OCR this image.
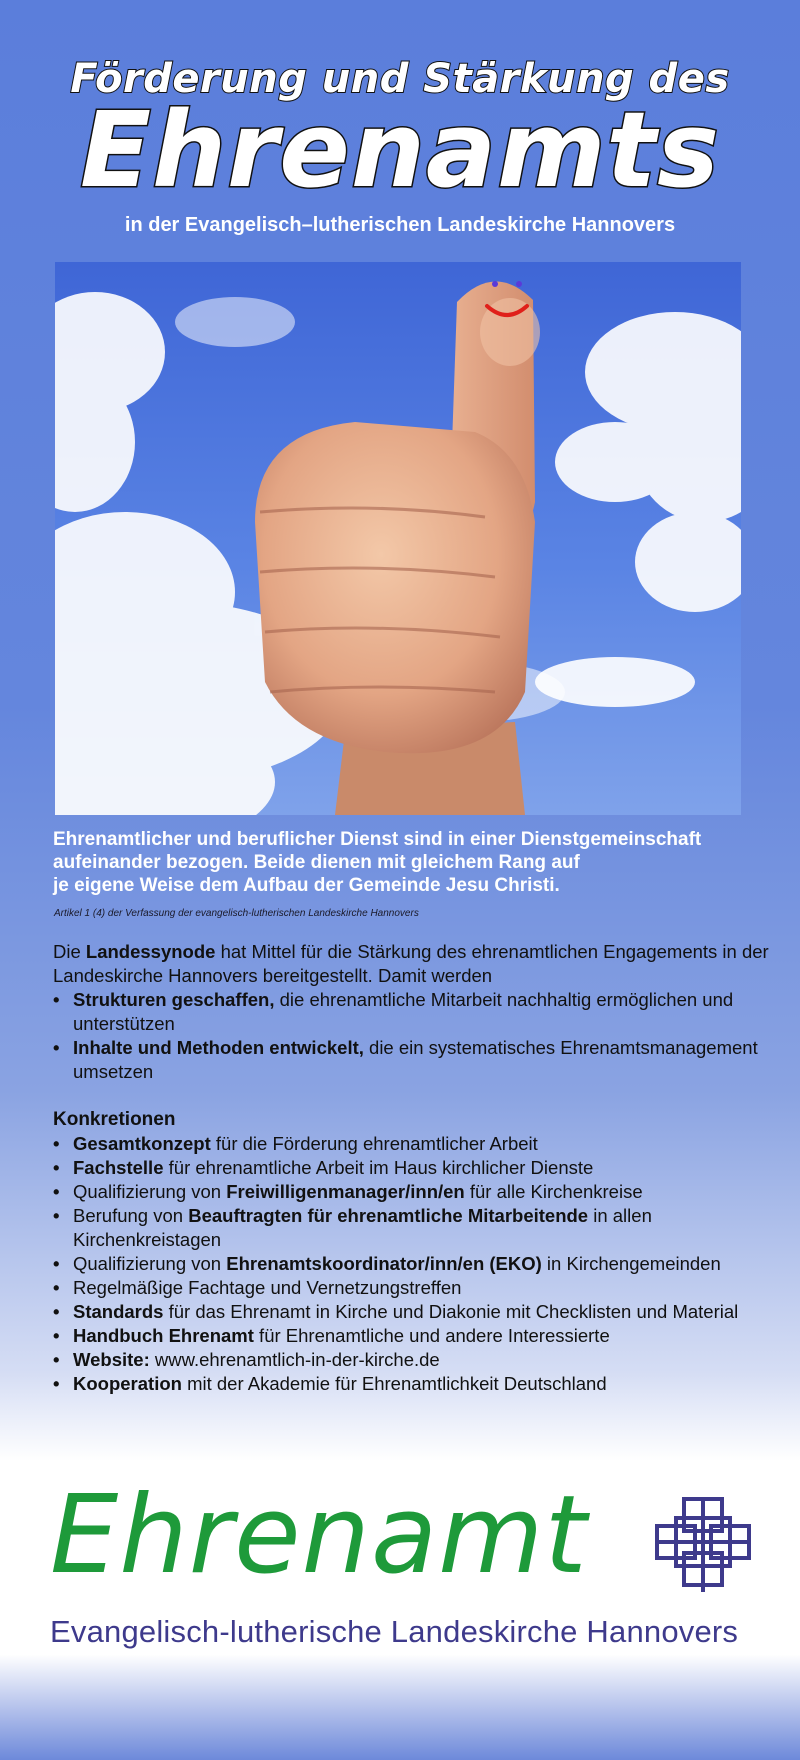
Förderung und Stärkung des
Ehrenamts
in der Evangelisch–lutherischen Landeskirche Hannovers
Ehrenamtlicher und beruflicher Dienst sind in einer Dienstgemeinschaft
aufeinander bezogen. Beide dienen mit gleichem Rang auf
je eigene Weise dem Aufbau der Gemeinde Jesu Christi.
Artikel 1 (4) der Verfassung der evangelisch-lutherischen Landeskirche Hannovers

Die Landessynode hat Mittel für die Stärkung des ehrenamtlichen Engagements in der Landeskirche Hannovers bereitgestellt. Damit werden

• Strukturen geschaffen, die ehrenamtliche Mitarbeit nachhaltig ermöglichen und unterstützen
• Inhalte und Methoden entwickelt, die ein systematisches Ehrenamtsmanagement umsetzen

Konkretionen

• Gesamtkonzept für die Förderung ehrenamtlicher Arbeit
• Fachstelle für ehrenamtliche Arbeit im Haus kirchlicher Dienste
• Qualifizierung von Freiwilligenmanager/inn/en für alle Kirchenkreise
• Berufung von Beauftragten für ehrenamtliche Mitarbeitende in allen Kirchenkreistagen
• Qualifizierung von Ehrenamtskoordinator/inn/en (EKO) in Kirchengemeinden
• Regelmäßige Fachtage und Vernetzungstreffen
• Standards für das Ehrenamt in Kirche und Diakonie mit Checklisten und Material
• Handbuch Ehrenamt für Ehrenamtliche und andere Interessierte
• Website: www.ehrenamtlich-in-der-kirche.de
• Kooperation mit der Akademie für Ehrenamtlichkeit Deutschland
Ehrenamt
Evangelisch-lutherische Landeskirche Hannovers
